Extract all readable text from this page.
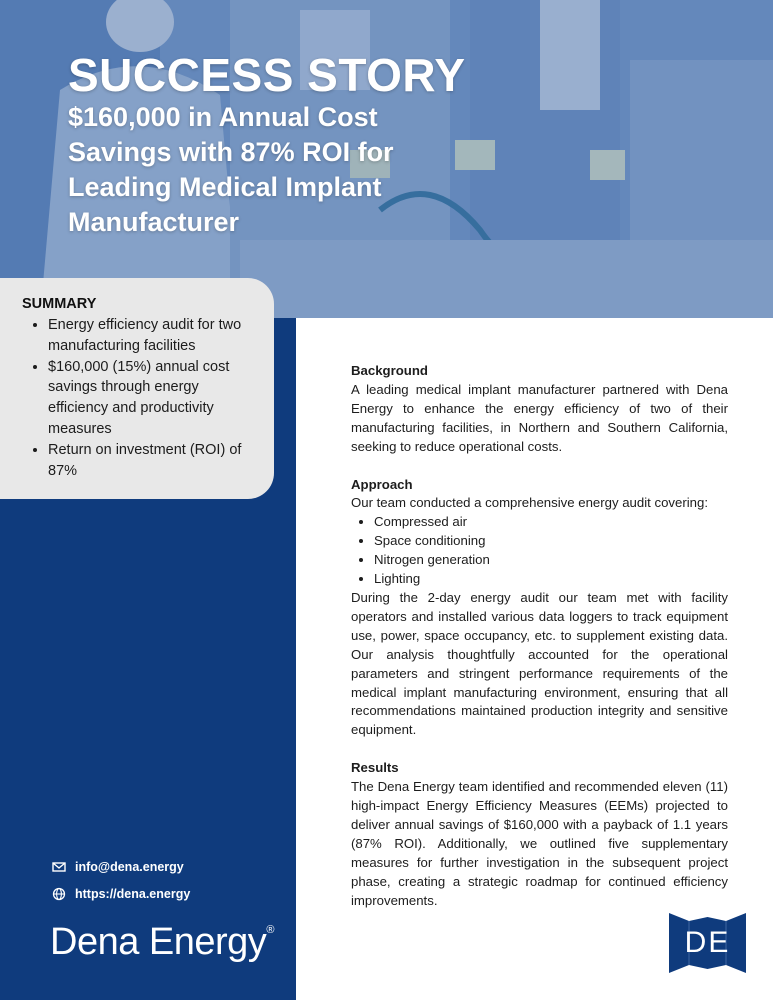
SUCCESS STORY
$160,000 in Annual Cost Savings with 87% ROI for Leading Medical Implant Manufacturer
SUMMARY
• Energy efficiency audit for two manufacturing facilities
• $160,000 (15%) annual cost savings through energy efficiency and productivity measures
• Return on investment (ROI) of 87%
info@dena.energy
https://dena.energy
Dena Energy®
Background

A leading medical implant manufacturer partnered with Dena Energy to enhance the energy efficiency of two of their manufacturing facilities, in Northern and Southern California, seeking to reduce operational costs.

Approach

Our team conducted a comprehensive energy audit covering:

• Compressed air
• Space conditioning
• Nitrogen generation
• Lighting

During the 2-day energy audit our team met with facility operators and installed various data loggers to track equipment use, power, space occupancy, etc. to supplement existing data. Our analysis thoughtfully accounted for the operational parameters and stringent performance requirements of the medical implant manufacturing environment, ensuring that all recommendations maintained production integrity and sensitive equipment.

Results

The Dena Energy team identified and recommended eleven (11) high-impact Energy Efficiency Measures (EEMs) projected to deliver annual savings of $160,000 with a payback of 1.1 years (87% ROI). Additionally, we outlined five supplementary measures for further investigation in the subsequent project phase, creating a strategic roadmap for continued efficiency improvements.

DE
